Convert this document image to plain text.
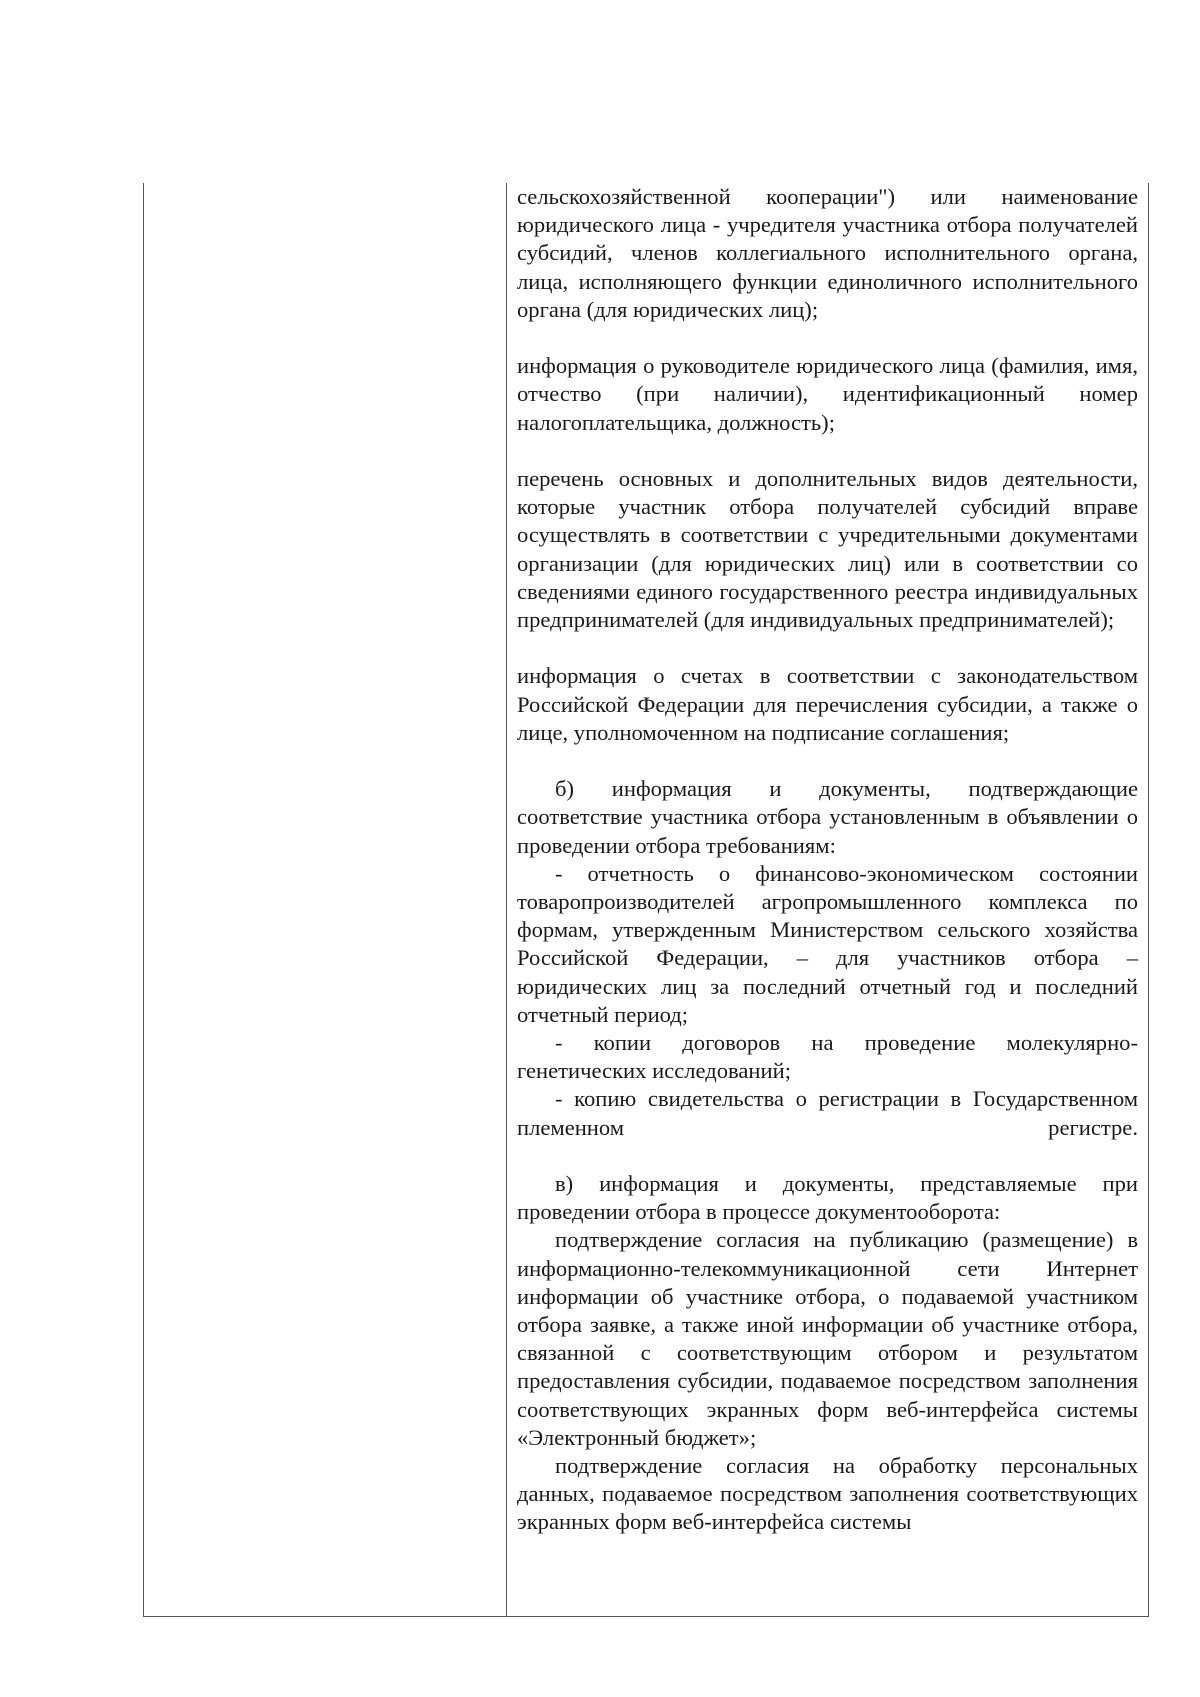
сельскохозяйственной кооперации") или наименование юридического лица - учредителя участника отбора получателей субсидий, членов коллегиального исполнительного органа, лица, исполняющего функции единоличного исполнительного органа (для юридических лиц);

информация о руководителе юридического лица (фамилия, имя, отчество (при наличии), идентификационный номер налогоплательщика, должность);

перечень основных и дополнительных видов деятельности, которые участник отбора получателей субсидий вправе осуществлять в соответствии с учредительными документами организации (для юридических лиц) или в соответствии со сведениями единого государственного реестра индивидуальных предпринимателей (для индивидуальных предпринимателей);

информация о счетах в соответствии с законодательством Российской Федерации для перечисления субсидии, а также о лице, уполномоченном на подписание соглашения;

б) информация и документы, подтверждающие соответствие участника отбора установленным в объявлении о проведении отбора требованиям:

- отчетность о финансово-экономическом состоянии товаропроизводителей агропромышленного комплекса по формам, утвержденным Министерством сельского хозяйства Российской Федерации, – для участников отбора – юридических лиц за последний отчетный год и последний отчетный период;

- копии договоров на проведение молекулярно-генетических исследований;

- копию свидетельства о регистрации в Государственном племенном регистре.

в) информация и документы, представляемые при проведении отбора в процессе документооборота:

подтверждение согласия на публикацию (размещение) в информационно-телекоммуникационной сети Интернет информации об участнике отбора, о подаваемой участником отбора заявке, а также иной информации об участнике отбора, связанной с соответствующим отбором и результатом предоставления субсидии, подаваемое посредством заполнения соответствующих экранных форм веб-интерфейса системы «Электронный бюджет»;

подтверждение согласия на обработку персональных данных, подаваемое посредством заполнения соответствующих экранных форм веб-интерфейса системы
